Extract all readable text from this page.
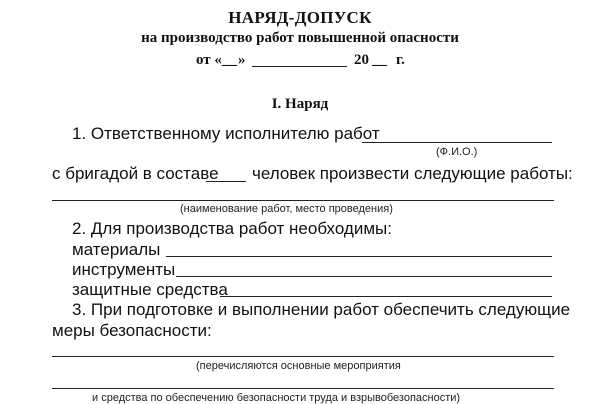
НАРЯД-ДОПУСК
на производство работ повышенной опасности
от « __ »	20 __ г.
I. Наряд
1. Ответственному исполнителю работ
(Ф.И.О.)
с бригадой в составе человек произвести следующие работы:
(наименование работ, место проведения)
2. Для производства работ необходимы:
материалы
инструменты
защитные средства
3. При подготовке и выполнении работ обеспечить следующие
меры безопасности:
(перечисляются основные мероприятия
и средства по обеспечению безопасности труда и взрывобезопасности)
